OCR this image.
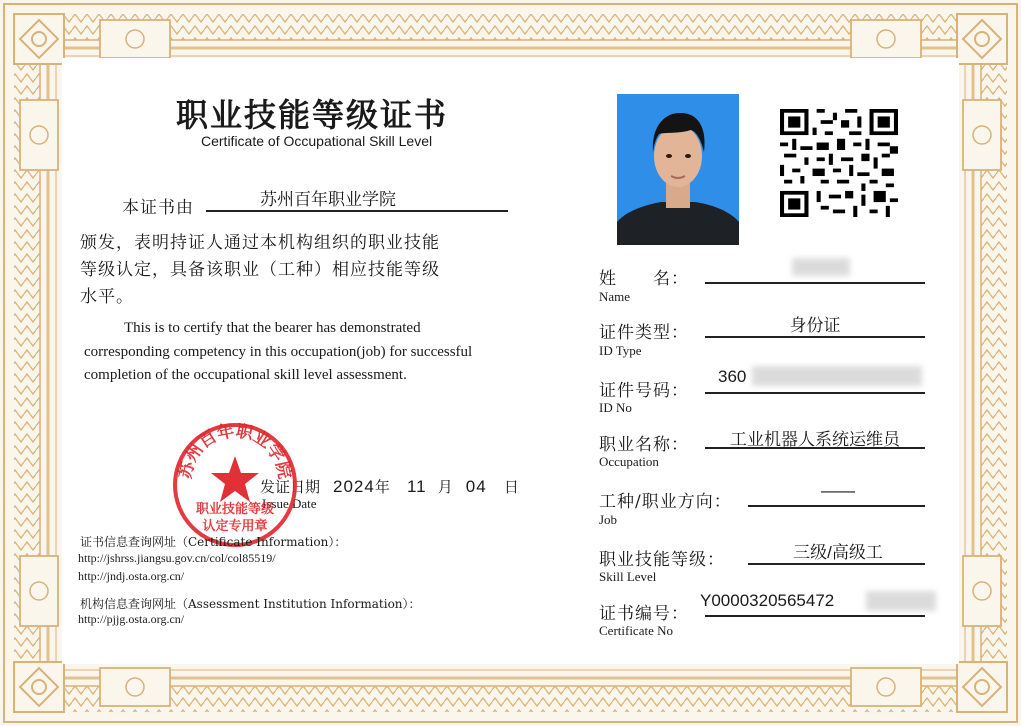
职业技能等级证书
Certificate of Occupational Skill Level
本证书由	苏州百年职业学院
颁发，表明持证人通过本机构组织的职业技能
等级认定，具备该职业（工种）相应技能等级
水平。
This is to certify that the bearer has demonstrated corresponding competency in this occupation(job) for successful completion of the occupational skill level assessment.
发证日期
Issue Date
2024年 11 月 04 日
苏州百年职业学院
职业技能等级
认定专用章
证书信息查询网址（Certificate Information）：
http://jshrss.jiangsu.gov.cn/col/col85519/
http://jndj.osta.org.cn/
机构信息查询网址（Assessment Institution Information）：
http://pjjg.osta.org.cn/
姓　　名：
Name
证件类型：
ID Type
身份证
证件号码：
ID No
360
职业名称：
Occupation
工业机器人系统运维员
工种/职业方向：
Job
——
职业技能等级：
Skill Level
三级/高级工
证书编号：
Certificate No
Y0000320565472
